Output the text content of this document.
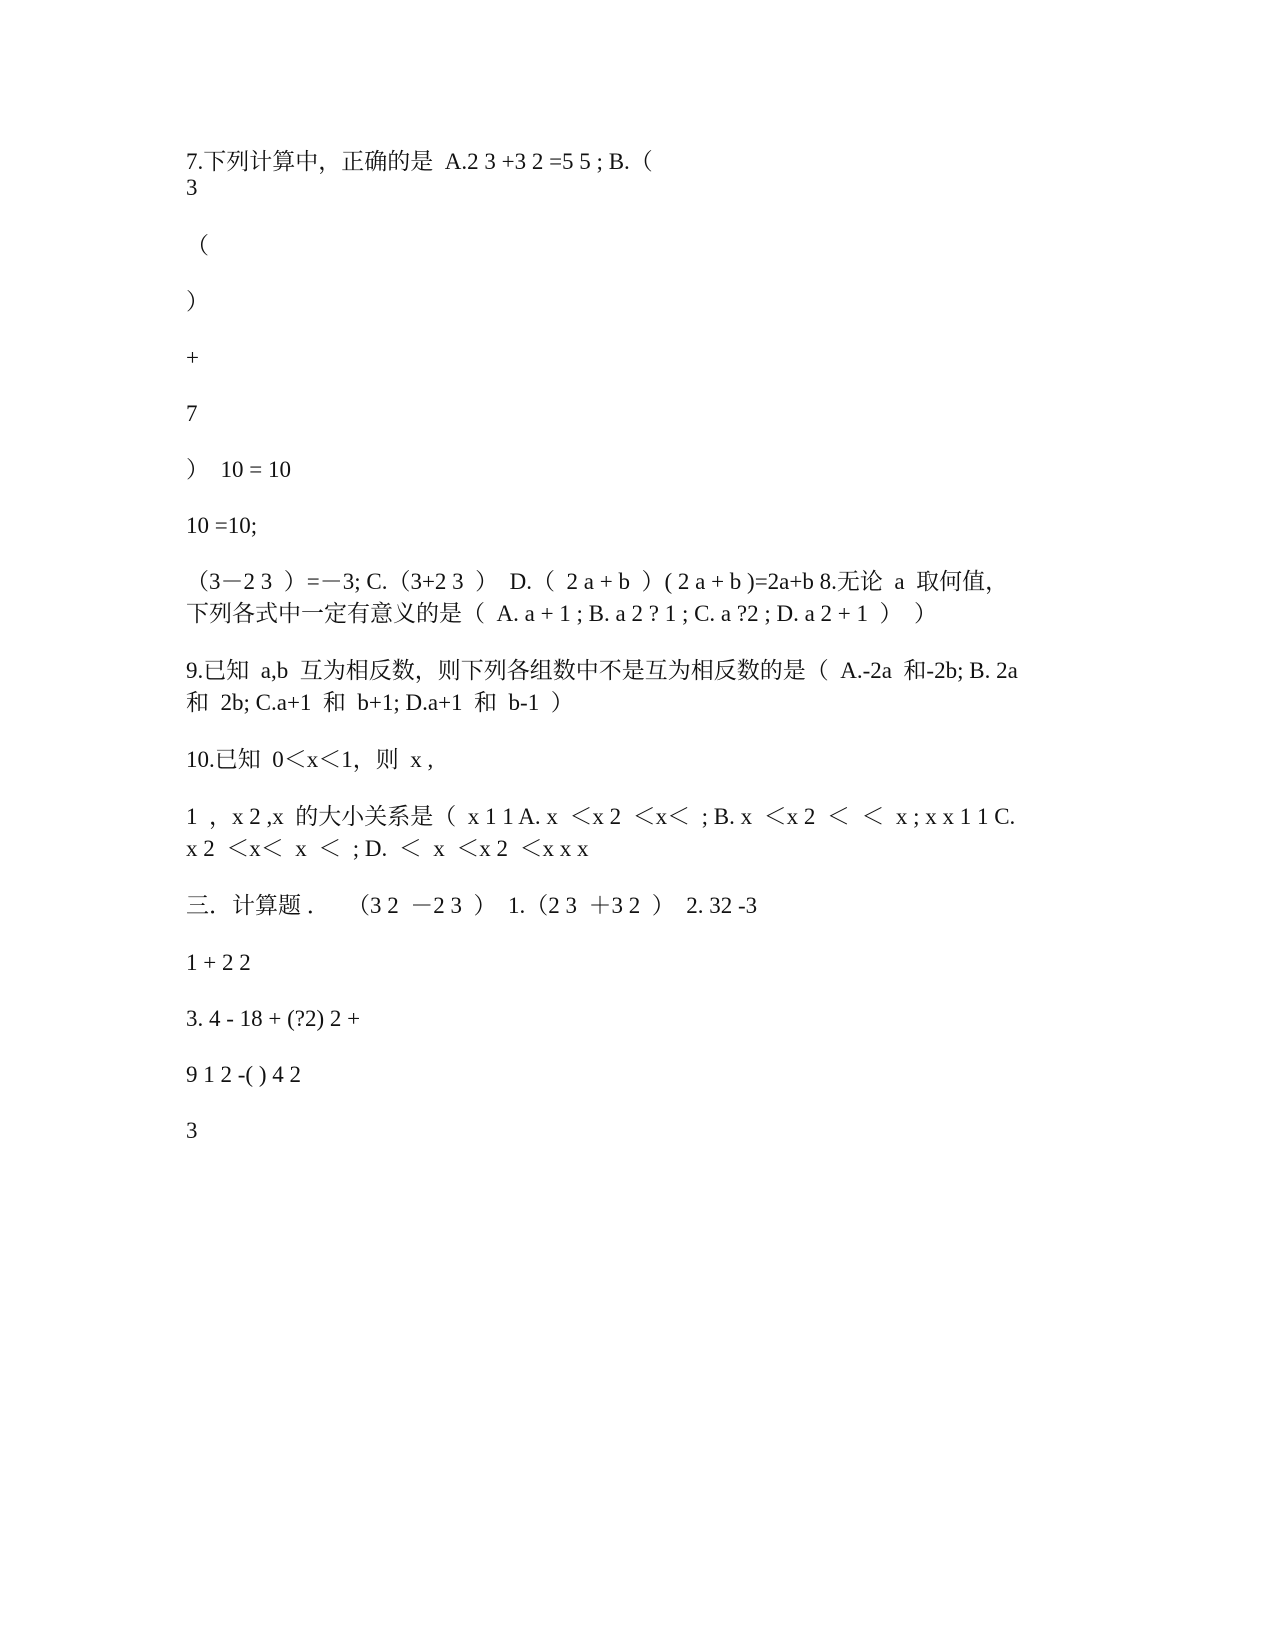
7.下列计算中，正确的是  A.2 3 +3 2 =5 5 ; B.（
3
（
）
+
7
）  10 = 10
10 =10;
（3－2 3  ）=－3; C.（3+2 3  ）  D.（  2 a + b  ）( 2 a + b )=2a+b 8.无论  a  取何值，
下列各式中一定有意义的是（  A. a + 1 ; B. a 2 ? 1 ; C. a ?2 ; D. a 2 + 1  ）  ）
9.已知  a,b  互为相反数，则下列各组数中不是互为相反数的是（  A.-2a  和-2b; B. 2a
和  2b; C.a+1  和  b+1; D.a+1  和  b-1  ）
10.已知  0＜x＜1，则  x ,
1  ，x 2 ,x  的大小关系是（  x 1 1 A. x  ＜x 2  ＜x＜  ; B. x  ＜x 2  ＜  ＜  x ; x x 1 1 C.
x 2  ＜x＜  x  ＜  ; D.  ＜  x  ＜x 2  ＜x x x
三．计算题 ．   （3 2  －2 3  ）  1.（2 3  ＋3 2  ）  2. 32 -3
1 + 2 2
3. 4 - 18 + (?2) 2 +
9 1 2 -( ) 4 2
3
